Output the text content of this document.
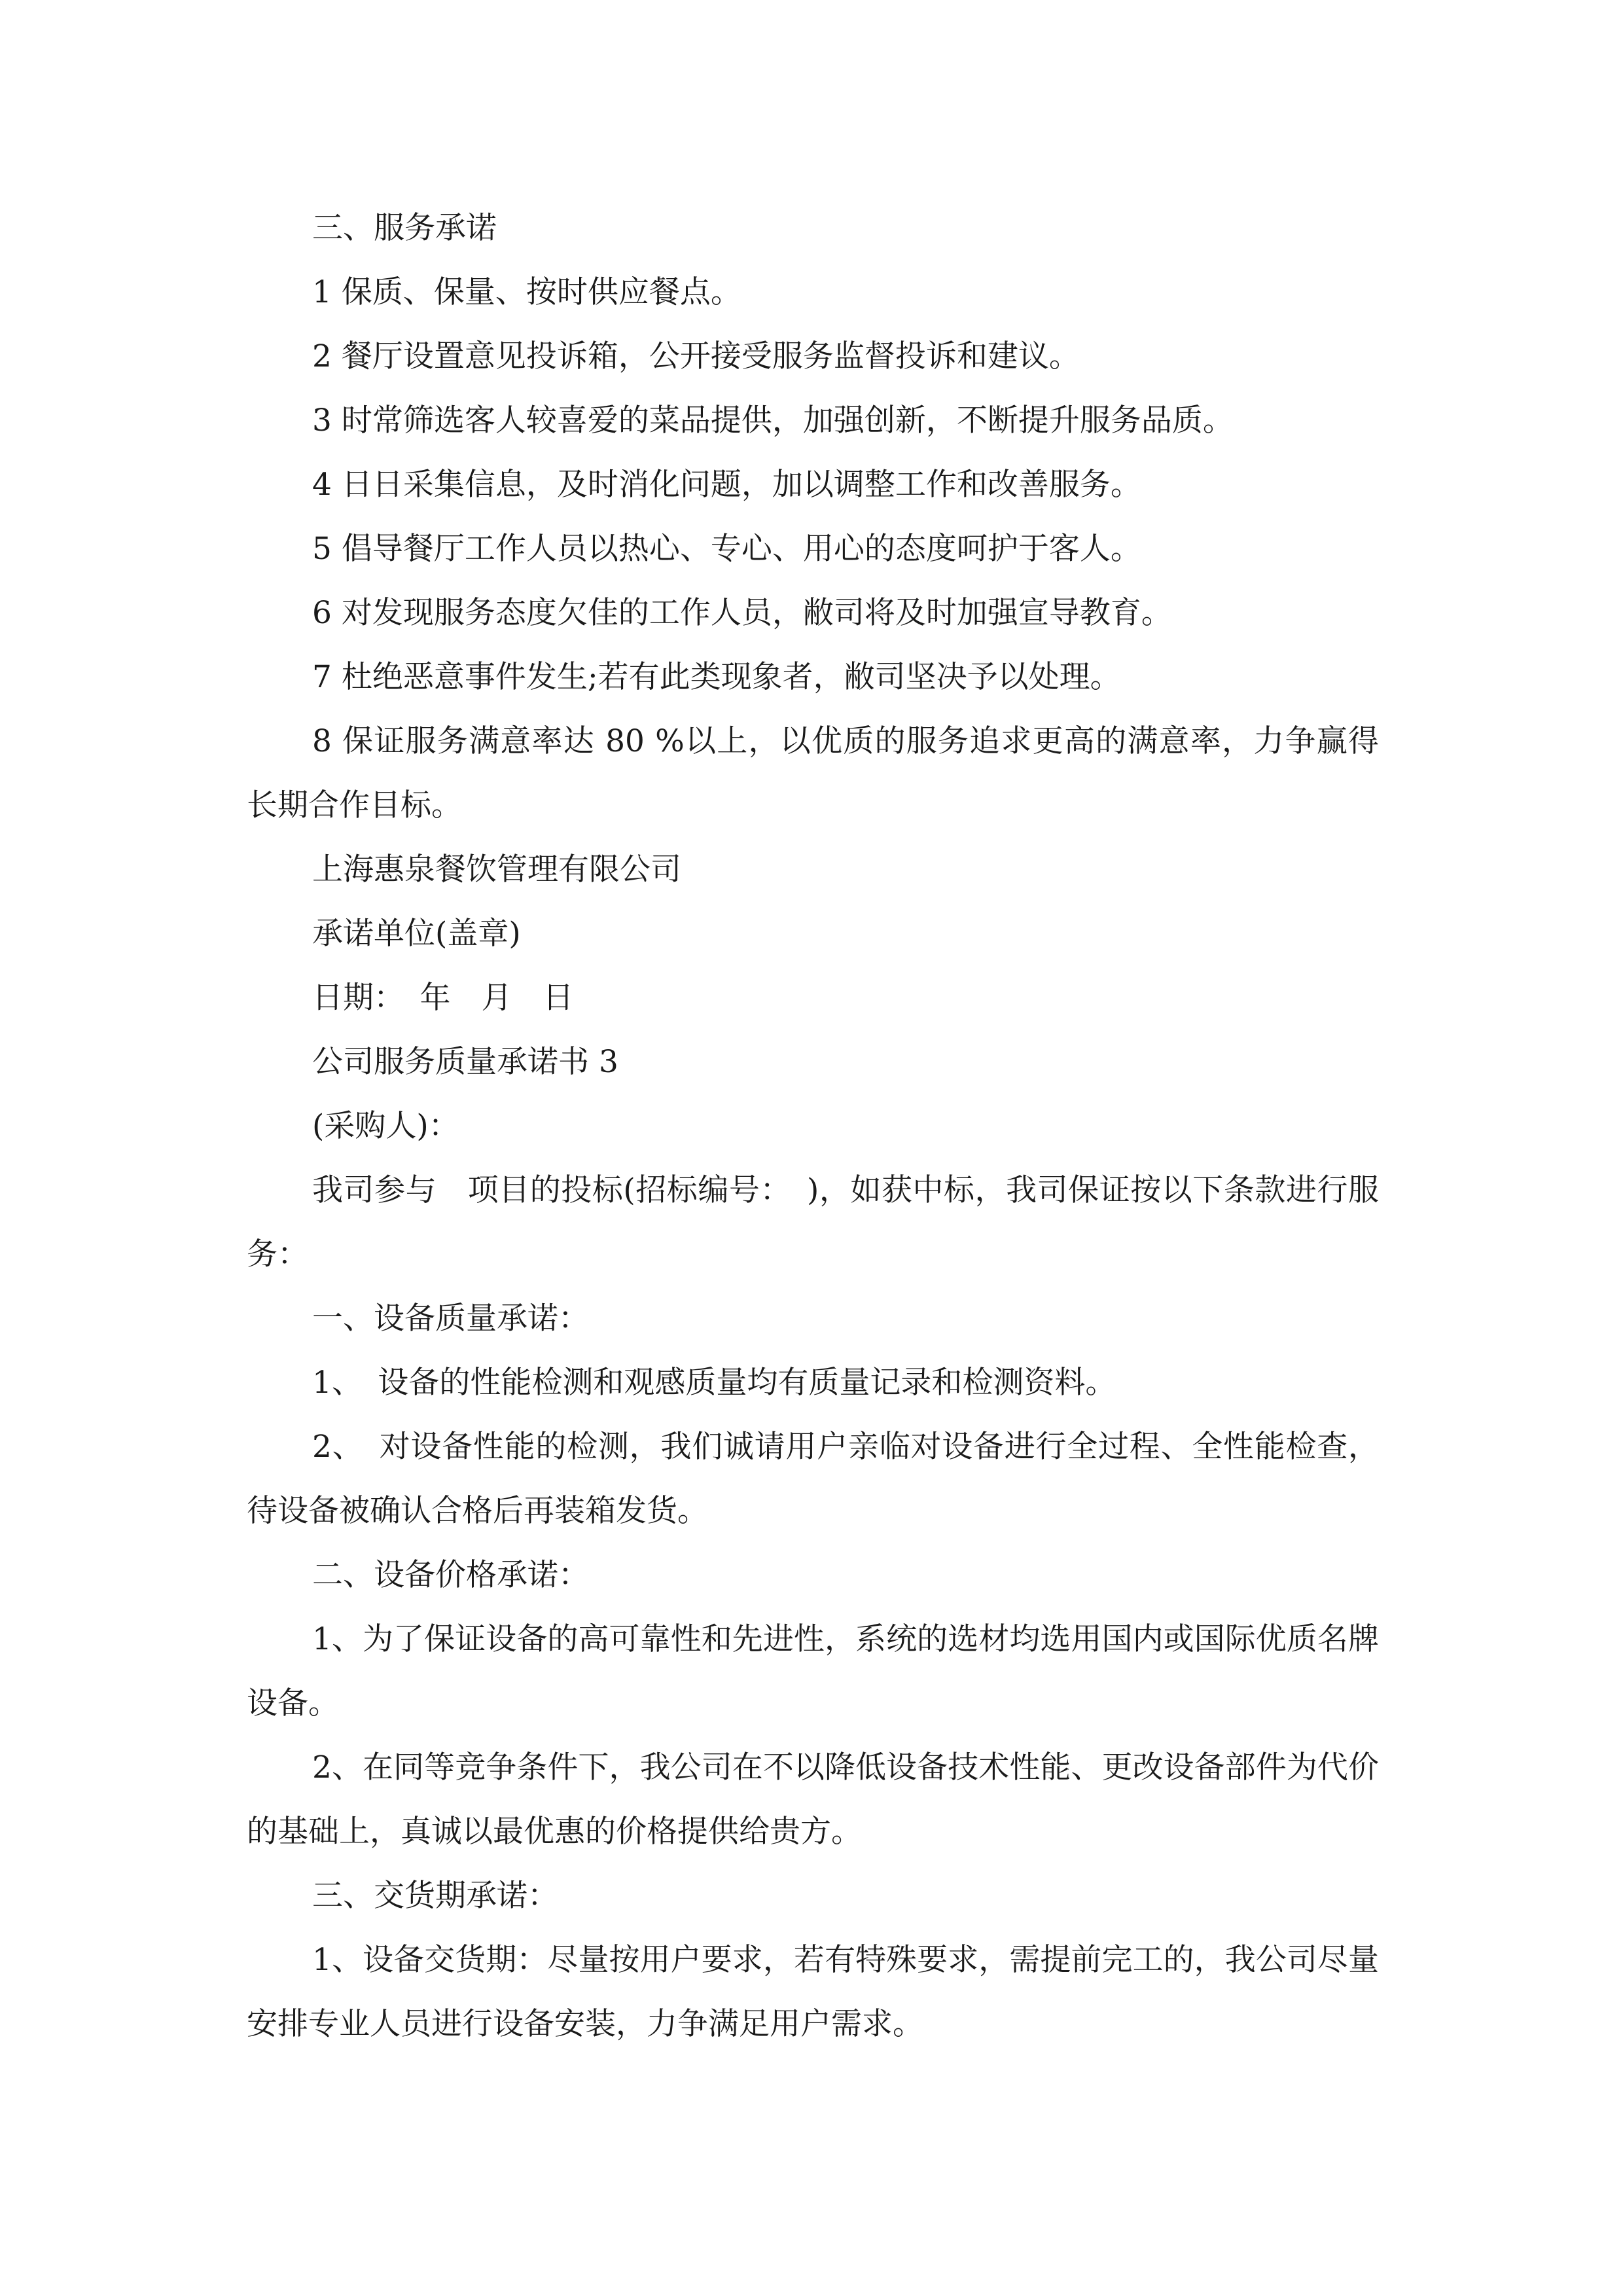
三、服务承诺

1 保质、保量、按时供应餐点。

2 餐厅设置意见投诉箱，公开接受服务监督投诉和建议。

3 时常筛选客人较喜爱的菜品提供，加强创新，不断提升服务品质。

4 日日采集信息，及时消化问题，加以调整工作和改善服务。

5 倡导餐厅工作人员以热心、专心、用心的态度呵护于客人。

6 对发现服务态度欠佳的工作人员，敝司将及时加强宣导教育。

7 杜绝恶意事件发生;若有此类现象者，敝司坚决予以处理。

8 保证服务满意率达 80 %以上，以优质的服务追求更高的满意率，力争赢得长期合作目标。

上海惠泉餐饮管理有限公司

承诺单位(盖章)

日期：　年　月　日

公司服务质量承诺书 3

(采购人)：

我司参与　项目的投标(招标编号：　)，如获中标，我司保证按以下条款进行服务：

一、设备质量承诺：

1、　设备的性能检测和观感质量均有质量记录和检测资料。

2、　对设备性能的检测，我们诚请用户亲临对设备进行全过程、全性能检查，待设备被确认合格后再装箱发货。

二、设备价格承诺：

1、为了保证设备的高可靠性和先进性，系统的选材均选用国内或国际优质名牌设备。

2、在同等竞争条件下，我公司在不以降低设备技术性能、更改设备部件为代价的基础上，真诚以最优惠的价格提供给贵方。

三、交货期承诺：

1、设备交货期：尽量按用户要求，若有特殊要求，需提前完工的，我公司尽量安排专业人员进行设备安装，力争满足用户需求。
